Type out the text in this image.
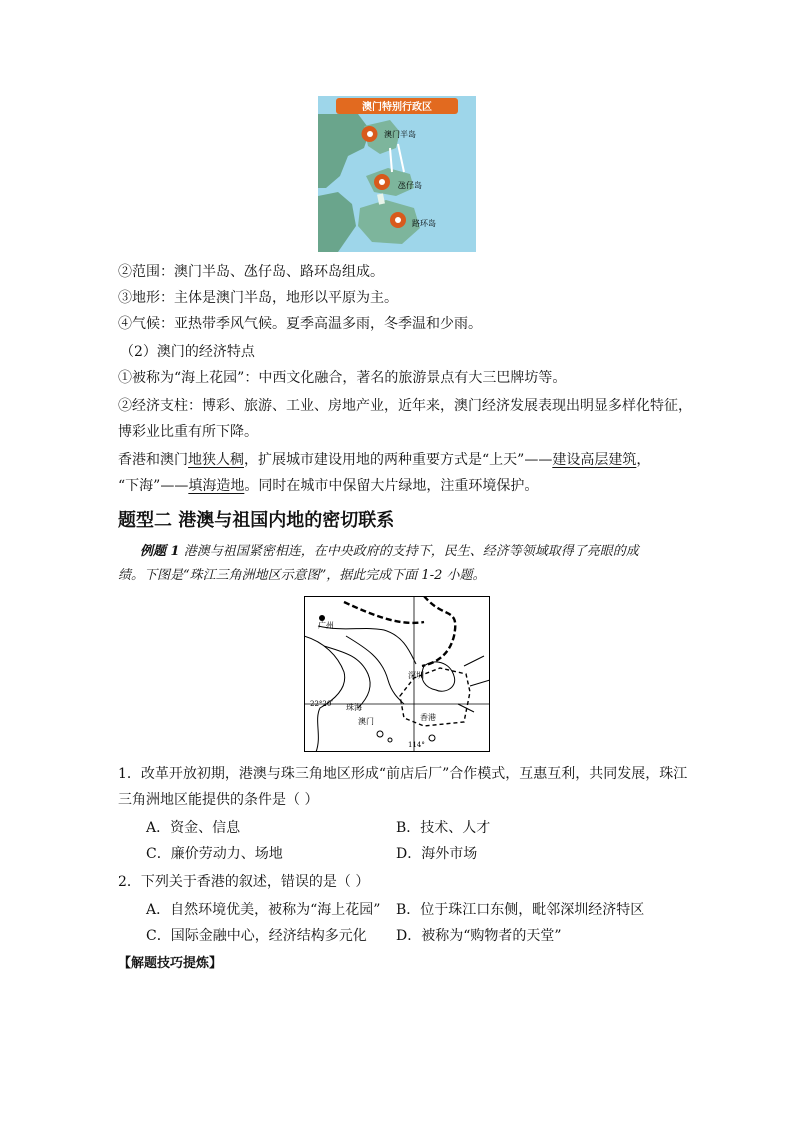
澳门特别行政区
澳门半岛
氹仔岛
路环岛
②范围：澳门半岛、氹仔岛、路环岛组成。
③地形：主体是澳门半岛，地形以平原为主。
④气候：亚热带季风气候。夏季高温多雨，冬季温和少雨。
（2）澳门的经济特点
①被称为“海上花园”：中西文化融合，著名的旅游景点有大三巴牌坊等。
②经济支柱：博彩、旅游、工业、房地产业，近年来，澳门经济发展表现出明显多样化特征，
博彩业比重有所下降。
香港和澳门地狭人稠，扩展城市建设用地的两种重要方式是“上天”——建设高层建筑，
“下海”——填海造地。同时在城市中保留大片绿地，注重环境保护。
题型二 港澳与祖国内地的密切联系
例题 1 港澳与祖国紧密相连，在中央政府的支持下，民生、经济等领域取得了亮眼的成
绩。下图是“珠江三角洲地区示意图”，据此完成下面 1-2 小题。
广州
深圳
珠海
香港
澳门
22°20′
114°
1．改革开放初期，港澳与珠三角地区形成“前店后厂”合作模式，互惠互利，共同发展，珠江
三角洲地区能提供的条件是（ ）
A．资金、信息	B．技术、人才
C．廉价劳动力、场地	D．海外市场
2．下列关于香港的叙述，错误的是（ ）
A．自然环境优美，被称为“海上花园” B．位于珠江口东侧，毗邻深圳经济特区
C．国际金融中心，经济结构多元化 D．被称为“购物者的天堂”
【解题技巧提炼】
